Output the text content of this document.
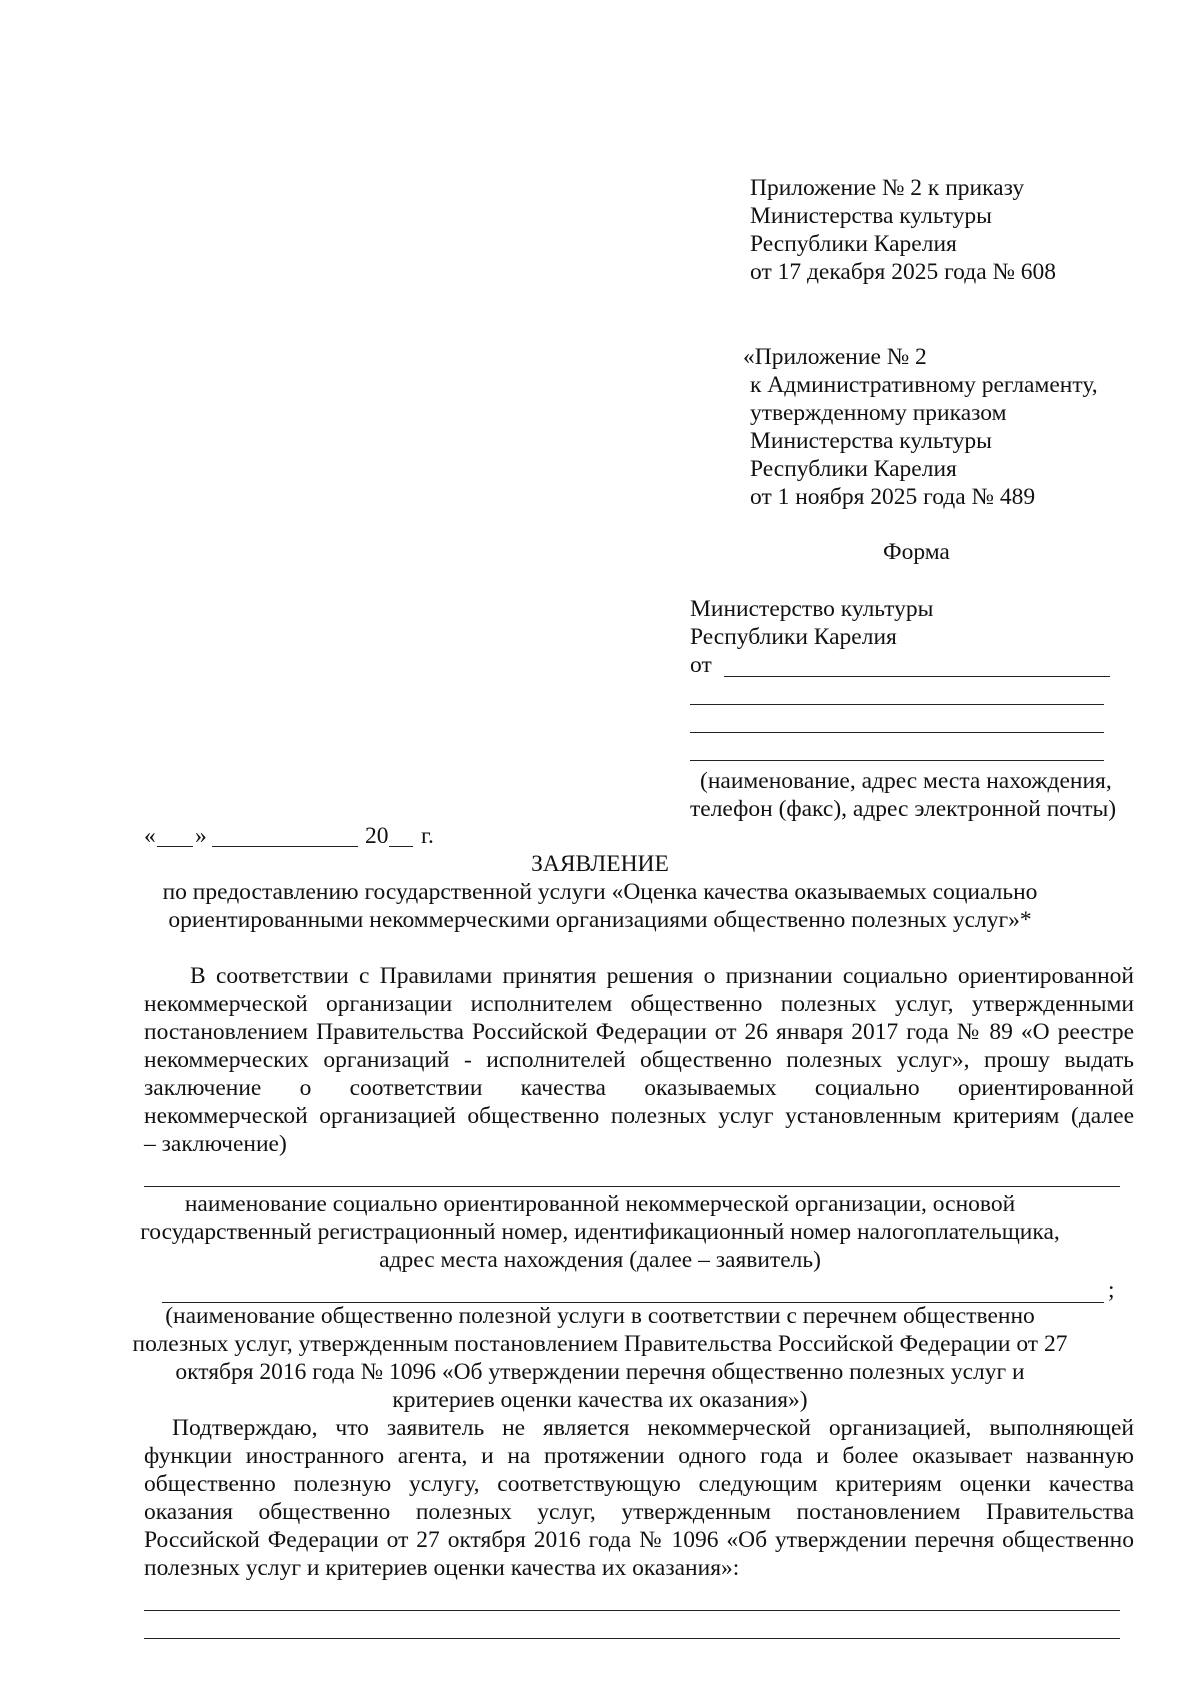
Приложение № 2 к приказу
Министерства культуры
Республики Карелия
от 17 декабря 2025 года № 608
«Приложение № 2
к Административному регламенту,
утвержденному приказом
Министерства культуры
Республики Карелия
от 1 ноября 2025 года № 489
Форма
Министерство культуры
Республики Карелия
от
(наименование, адрес места нахождения,
телефон (факс), адрес электронной почты)
« »	20 г.
ЗАЯВЛЕНИЕ
по предоставлению государственной услуги «Оценка качества оказываемых социально
ориентированными некоммерческими организациями общественно полезных услуг»*
В соответствии с Правилами принятия решения о признании социально ориентированной
некоммерческой организации исполнителем общественно полезных услуг, утвержденными
постановлением Правительства Российской Федерации от 26 января 2017 года № 89 «О реестре
некоммерческих организаций - исполнителей общественно полезных услуг», прошу выдать
заключение о соответствии качества оказываемых социально ориентированной
некоммерческой организацией общественно полезных услуг установленным критериям (далее
– заключение)
наименование социально ориентированной некоммерческой организации, основой
государственный регистрационный номер, идентификационный номер налогоплательщика,
адрес места нахождения (далее – заявитель)
;
(наименование общественно полезной услуги в соответствии с перечнем общественно
полезных услуг, утвержденным постановлением Правительства Российской Федерации от 27
октября 2016 года № 1096 «Об утверждении перечня общественно полезных услуг и
критериев оценки качества их оказания»)
Подтверждаю, что заявитель не является некоммерческой организацией, выполняющей
функции иностранного агента, и на протяжении одного года и более оказывает названную
общественно полезную услугу, соответствующую следующим критериям оценки качества
оказания общественно полезных услуг, утвержденным постановлением Правительства
Российской Федерации от 27 октября 2016 года № 1096 «Об утверждении перечня общественно
полезных услуг и критериев оценки качества их оказания»:
